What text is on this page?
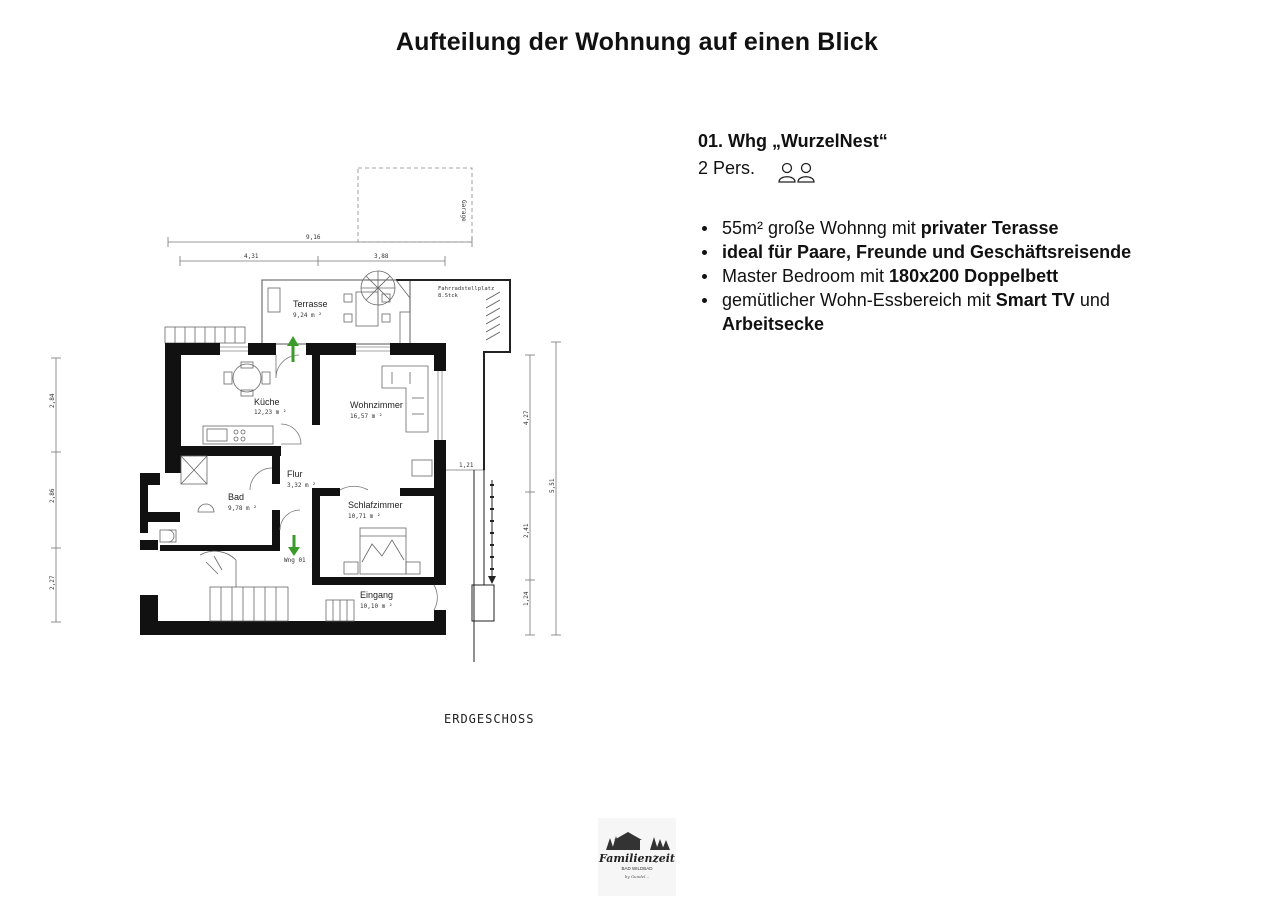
Aufteilung der Wohnung auf einen Blick
9,16
4,31	3,88
2,84
2,86
2,27
4,27
2,41
1,24
5,51
1,21
Garage
Terrasse
9,24 m ²
Fahrradstellplatz
8.Stck
Küche
12,23 m ²
Wohnzimmer
16,57 m ²
Flur
3,32 m ²
Bad
9,78 m ²	Schlafzimmer
10,71 m ²
Eingang
10,10 m ²
Wng 01
ERDGESCHOSS
01. Whg „WurzelNest“
2 Pers.
55m² große Wohnng mit privater Terasse
ideal für Paare, Freunde und Geschäftsreisende
Master Bedroom mit 180x200 Doppelbett
gemütlicher Wohn-Essbereich mit Smart TV und
Arbeitsecke
Familienzeit
BAD WILDBAD
by Gundel...
